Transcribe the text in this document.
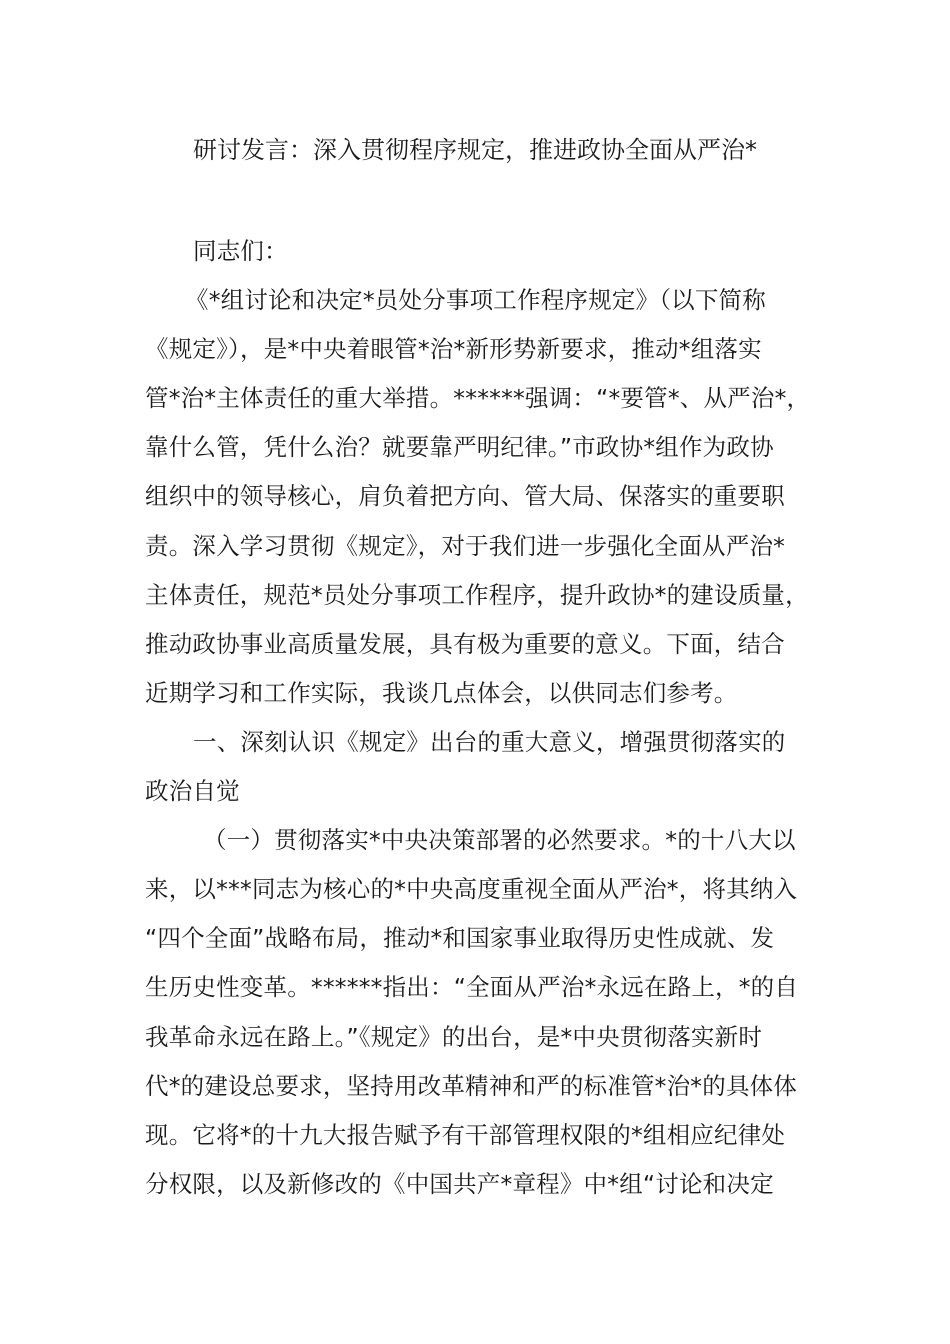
研讨发言：深入贯彻程序规定，推进政协全面从严治*
同志们：
《*组讨论和决定*员处分事项工作程序规定》（以下简称
《规定》），是*中央着眼管*治*新形势新要求，推动*组落实
管*治*主体责任的重大举措。******强调：“*要管*、从严治*，
靠什么管，凭什么治？就要靠严明纪律。”市政协*组作为政协
组织中的领导核心，肩负着把方向、管大局、保落实的重要职
责。深入学习贯彻《规定》，对于我们进一步强化全面从严治*
主体责任，规范*员处分事项工作程序，提升政协*的建设质量，
推动政协事业高质量发展，具有极为重要的意义。下面，结合
近期学习和工作实际，我谈几点体会，以供同志们参考。
一、深刻认识《规定》出台的重大意义，增强贯彻落实的
政治自觉
（一）贯彻落实*中央决策部署的必然要求。*的十八大以
来，以***同志为核心的*中央高度重视全面从严治*，将其纳入
“四个全面”战略布局，推动*和国家事业取得历史性成就、发
生历史性变革。******指出：“全面从严治*永远在路上，*的自
我革命永远在路上。”《规定》的出台，是*中央贯彻落实新时
代*的建设总要求，坚持用改革精神和严的标准管*治*的具体体
现。它将*的十九大报告赋予有干部管理权限的*组相应纪律处
分权限，以及新修改的《中国共产*章程》中*组“讨论和决定
